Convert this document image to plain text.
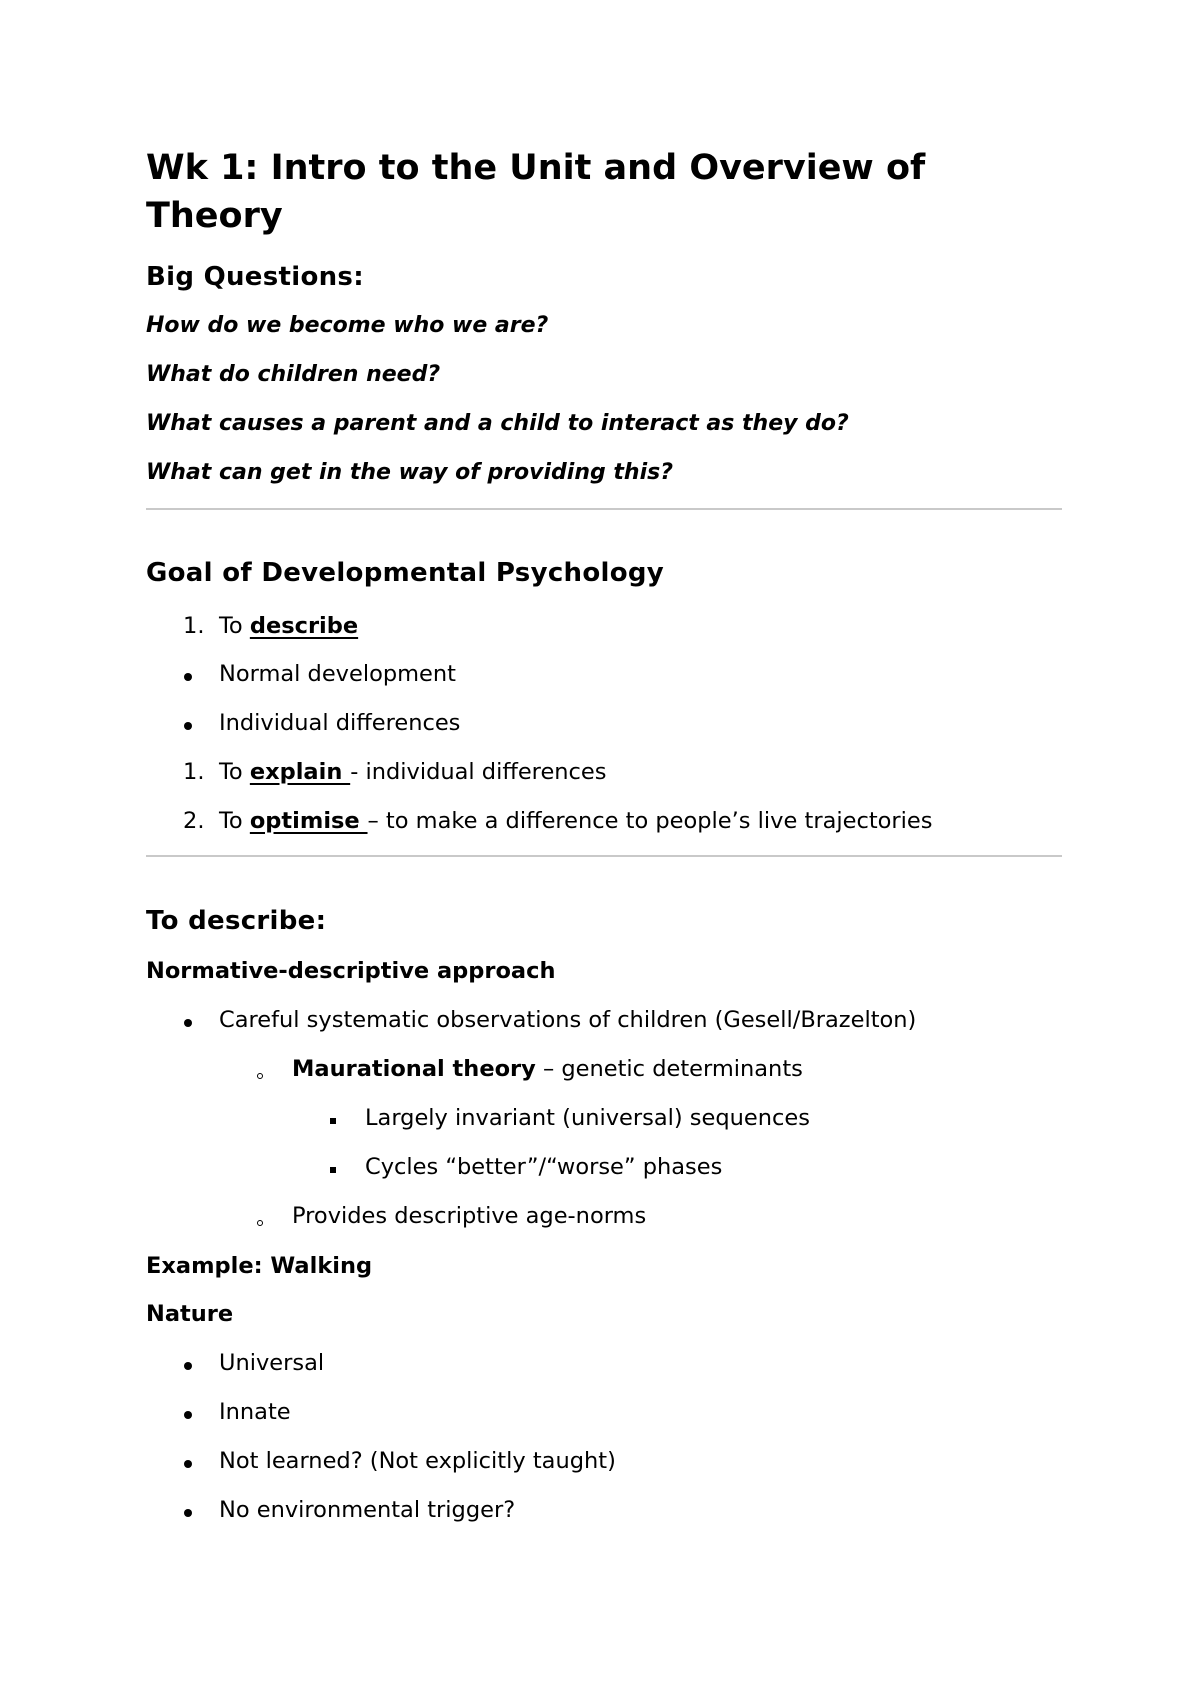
Wk 1: Intro to the Unit and Overview of
Theory
Big Questions:
How do we become who we are?
What do children need?
What causes a parent and a child to interact as they do?
What can get in the way of providing this?
Goal of Developmental Psychology
1. To describe
Normal development
Individual differences
1. To explain - individual differences
2. To optimise – to make a difference to people’s live trajectories
To describe:
Normative-descriptive approach
Careful systematic observations of children (Gesell/Brazelton)
Maurational theory – genetic determinants
Largely invariant (universal) sequences
Cycles “better”/“worse” phases
Provides descriptive age-norms
Example: Walking
Nature
Universal
Innate
Not learned? (Not explicitly taught)
No environmental trigger?
